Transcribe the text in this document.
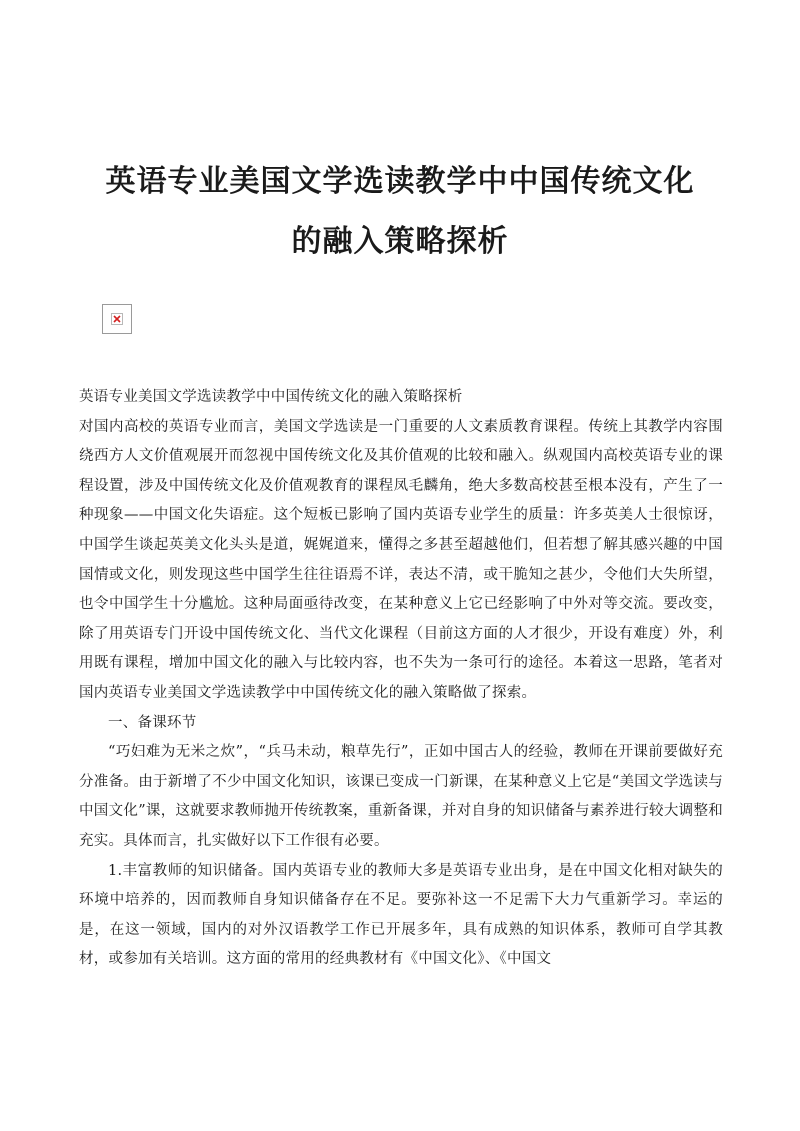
英语专业美国文学选读教学中中国传统文化
的融入策略探析

英语专业美国文学选读教学中中国传统文化的融入策略探析

对国内高校的英语专业而言，美国文学选读是一门重要的人文素质教育课程。传统上其教学内容围绕西方人文价值观展开而忽视中国传统文化及其价值观的比较和融入。纵观国内高校英语专业的课程设置，涉及中国传统文化及价值观教育的课程凤毛麟角，绝大多数高校甚至根本没有，产生了一种现象——中国文化失语症。这个短板已影响了国内英语专业学生的质量：许多英美人士很惊讶，中国学生谈起英美文化头头是道，娓娓道来，懂得之多甚至超越他们，但若想了解其感兴趣的中国国情或文化，则发现这些中国学生往往语焉不详，表达不清，或干脆知之甚少，令他们大失所望，也令中国学生十分尴尬。这种局面亟待改变，在某种意义上它已经影响了中外对等交流。要改变，除了用英语专门开设中国传统文化、当代文化课程（目前这方面的人才很少，开设有难度）外，利用既有课程，增加中国文化的融入与比较内容，也不失为一条可行的途径。本着这一思路，笔者对国内英语专业美国文学选读教学中中国传统文化的融入策略做了探索。

一、备课环节

“巧妇难为无米之炊”，“兵马未动，粮草先行”，正如中国古人的经验，教师在开课前要做好充分准备。由于新增了不少中国文化知识，该课已变成一门新课，在某种意义上它是“美国文学选读与中国文化”课，这就要求教师抛开传统教案，重新备课，并对自身的知识储备与素养进行较大调整和充实。具体而言，扎实做好以下工作很有必要。

1.丰富教师的知识储备。国内英语专业的教师大多是英语专业出身，是在中国文化相对缺失的环境中培养的，因而教师自身知识储备存在不足。要弥补这一不足需下大力气重新学习。幸运的是，在这一领域，国内的对外汉语教学工作已开展多年，具有成熟的知识体系，教师可自学其教材，或参加有关培训。这方面的常用的经典教材有《中国文化》、《中国文
